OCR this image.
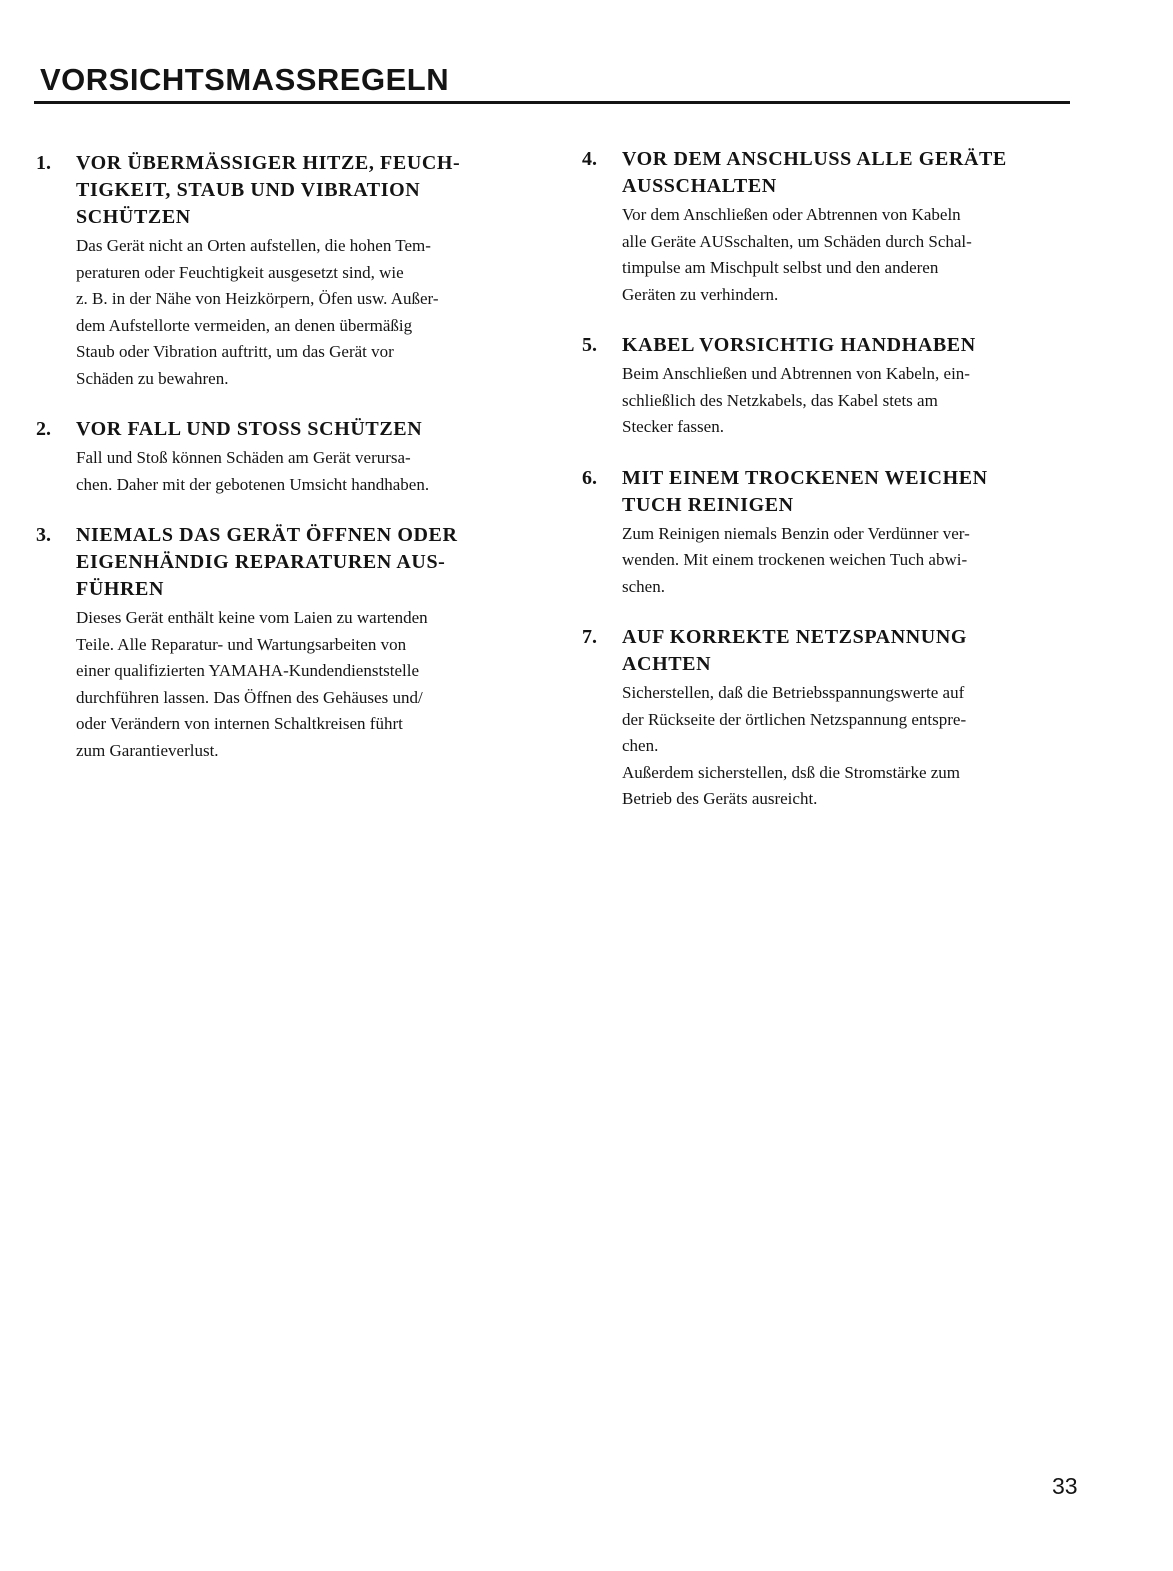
VORSICHTSMASSREGELN
1. VOR ÜBERMÄSSIGER HITZE, FEUCH-
TIGKEIT, STAUB UND VIBRATION
SCHÜTZEN

Das Gerät nicht an Orten aufstellen, die hohen Tem-
peraturen oder Feuchtigkeit ausgesetzt sind, wie
z. B. in der Nähe von Heizkörpern, Öfen usw. Außer-
dem Aufstellorte vermeiden, an denen übermäßig
Staub oder Vibration auftritt, um das Gerät vor
Schäden zu bewahren.

2. VOR FALL UND STOSS SCHÜTZEN

Fall und Stoß können Schäden am Gerät verursa-
chen. Daher mit der gebotenen Umsicht handhaben.

3. NIEMALS DAS GERÄT ÖFFNEN ODER
EIGENHÄNDIG REPARATUREN AUS-
FÜHREN

Dieses Gerät enthält keine vom Laien zu wartenden
Teile. Alle Reparatur- und Wartungsarbeiten von
einer qualifizierten YAMAHA-Kundendienststelle
durchführen lassen. Das Öffnen des Gehäuses und/
oder Verändern von internen Schaltkreisen führt
zum Garantieverlust.

4. VOR DEM ANSCHLUSS ALLE GERÄTE
AUSSCHALTEN

Vor dem Anschließen oder Abtrennen von Kabeln
alle Geräte AUSschalten, um Schäden durch Schal-
timpulse am Mischpult selbst und den anderen
Geräten zu verhindern.

5. KABEL VORSICHTIG HANDHABEN

Beim Anschließen und Abtrennen von Kabeln, ein-
schließlich des Netzkabels, das Kabel stets am
Stecker fassen.

6. MIT EINEM TROCKENEN WEICHEN
TUCH REINIGEN

Zum Reinigen niemals Benzin oder Verdünner ver-
wenden. Mit einem trockenen weichen Tuch abwi-
schen.

7. AUF KORREKTE NETZSPANNUNG
ACHTEN

Sicherstellen, daß die Betriebsspannungswerte auf
der Rückseite der örtlichen Netzspannung entspre-
chen.
Außerdem sicherstellen, dsß die Stromstärke zum
Betrieb des Geräts ausreicht.

33
